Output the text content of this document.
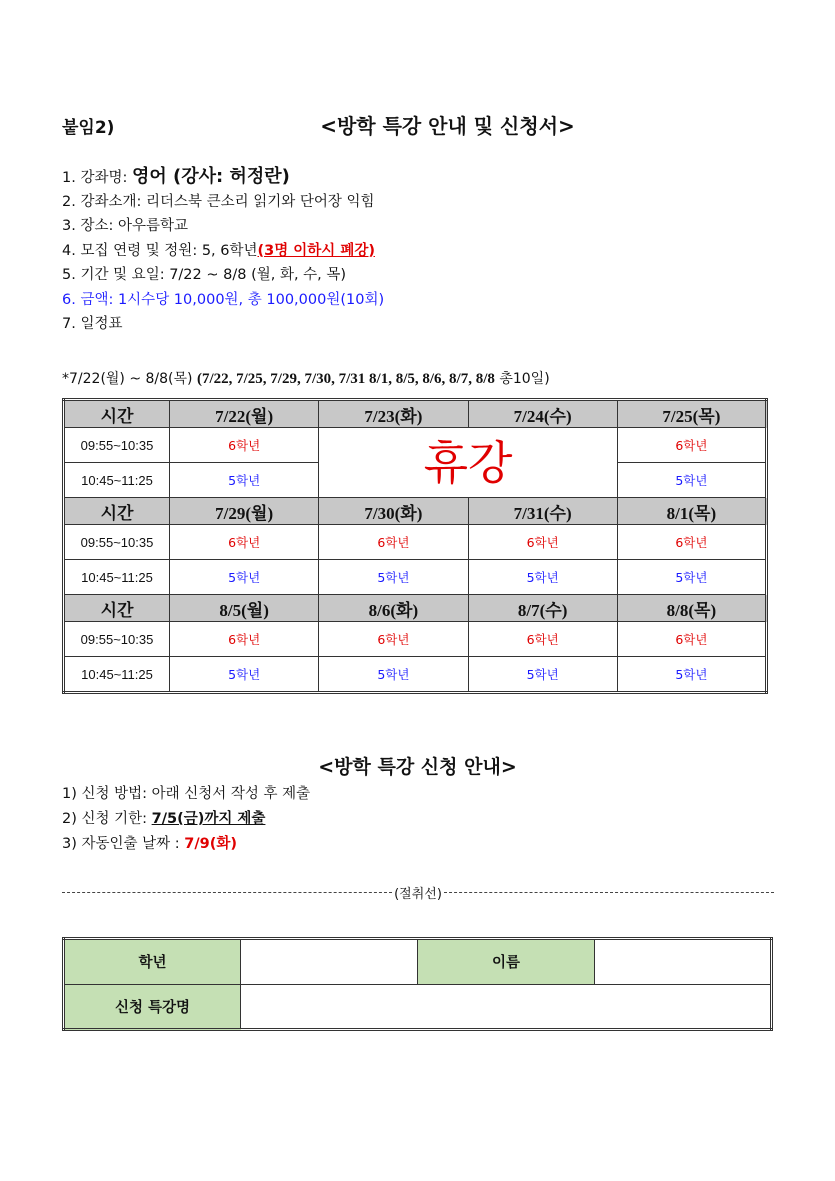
붙임2)	<방학 특강 안내 및 신청서>
1. 강좌명: 영어 (강사: 허정란)
2. 강좌소개: 리더스북 큰소리 읽기와 단어장 익힘
3. 장소: 아우름학교
4. 모집 연령 및 정원: 5, 6학년(3명 이하시 폐강)
5. 기간 및 요일: 7/22 ~ 8/8 (월, 화, 수, 목)
6. 금액: 1시수당 10,000원, 총 100,000원(10회)
7. 일정표
*7/22(월) ~ 8/8(목) (7/22, 7/25, 7/29, 7/30, 7/31 8/1, 8/5, 8/6, 8/7, 8/8 총10일)
시간	7/22(월)	7/23(화)	7/24(수)	7/25(목)
09:55~10:35	6학년	휴강		6학년
10:45~11:25	5학년			5학년
시간	7/29(월)	7/30(화)	7/31(수)	8/1(목)
09:55~10:35	6학년	6학년	6학년	6학년
10:45~11:25	5학년	5학년	5학년	5학년
시간	8/5(월)	8/6(화)	8/7(수)	8/8(목)
09:55~10:35	6학년	6학년	6학년	6학년
10:45~11:25	5학년	5학년	5학년	5학년
<방학 특강 신청 안내>
1) 신청 방법: 아래 신청서 작성 후 제출
2) 신청 기한: 7/5(금)까지 제출
3) 자동인출 날짜 : 7/9(화)
(절취선)
학년		이름	
신청 특강명			
